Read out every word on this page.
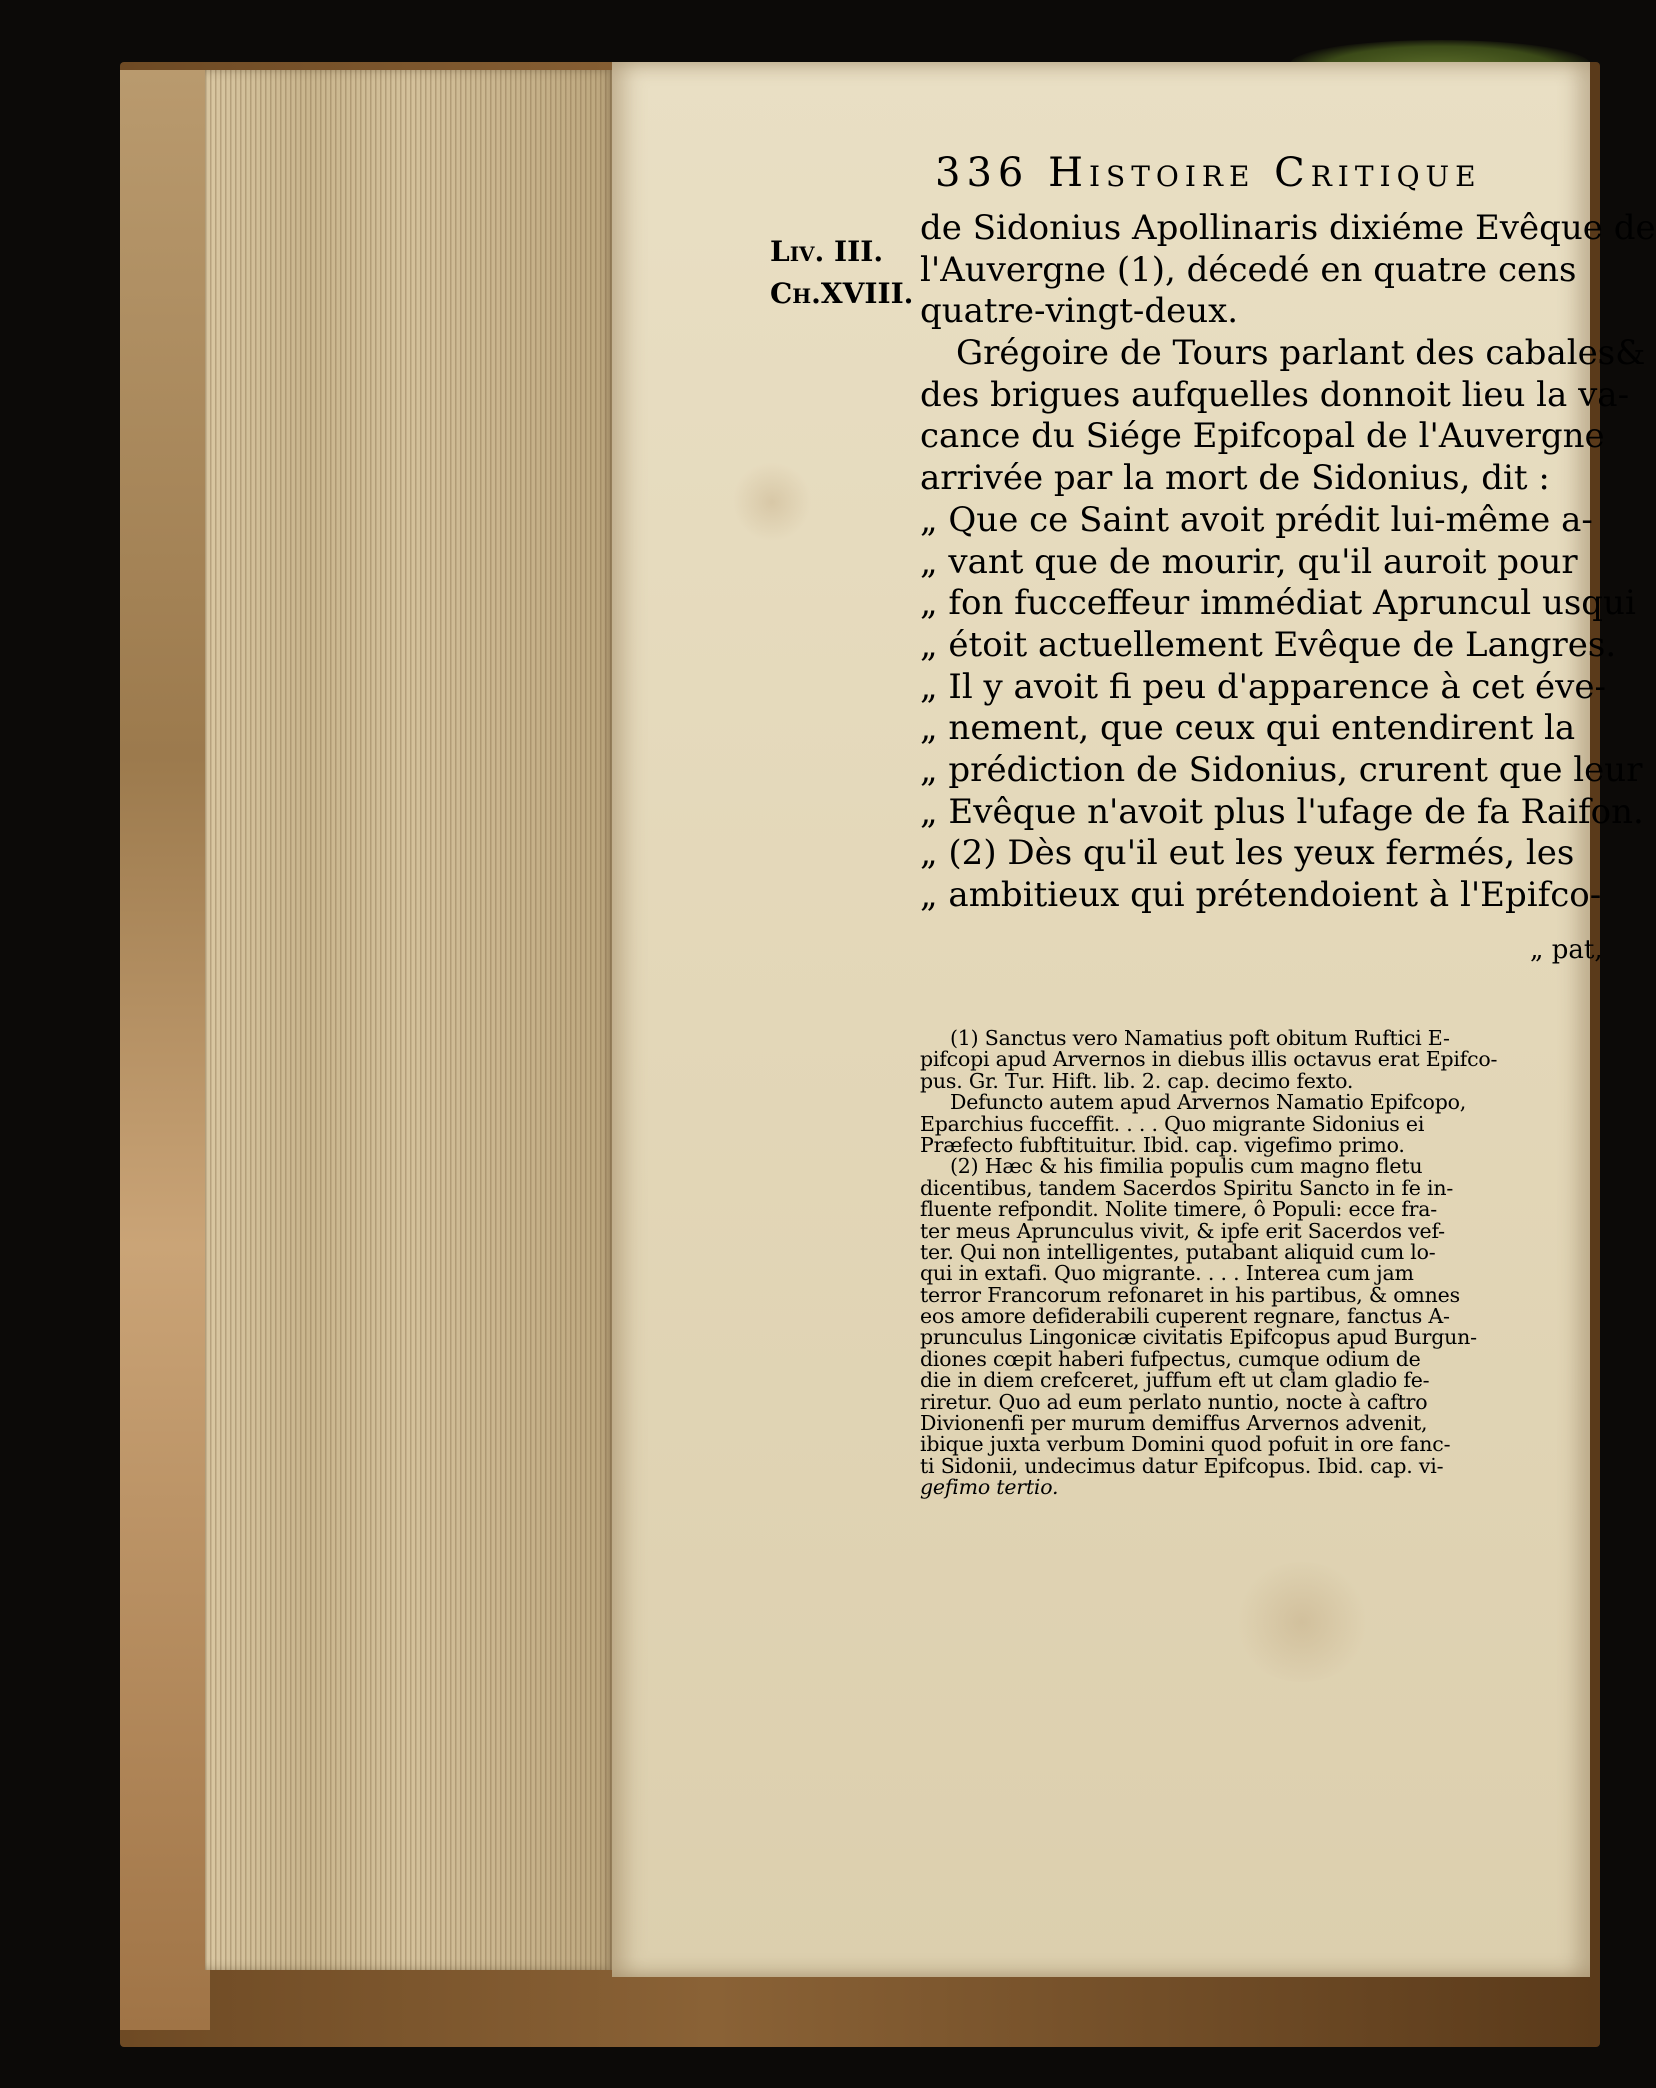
336 Histoire Critique
Liv. III.
Ch.XVIII.
de Sidonius Apollinaris dixiéme Evêque de
l'Auvergne (1), décedé en quatre cens
quatre-vingt-deux.
Grégoire de Tours parlant des cabales&
des brigues aufquelles donnoit lieu la va-
cance du Siége Epifcopal de l'Auvergne
arrivée par la mort de Sidonius, dit :
„ Que ce Saint avoit prédit lui-même a-
„ vant que de mourir, qu'il auroit pour
„ fon fucceffeur immédiat Apruncul usqui
„ étoit actuellement Evêque de Langres.
„ Il y avoit fi peu d'apparence à cet éve-
„ nement, que ceux qui entendirent la
„ prédiction de Sidonius, crurent que leur
„ Evêque n'avoit plus l'ufage de fa Raifon.
„ (2) Dès qu'il eut les yeux fermés, les
„ ambitieux qui prétendoient à l'Epifco-
„ pat,
(1) Sanctus vero Namatius poft obitum Ruftici E-
pifcopi apud Arvernos in diebus illis octavus erat Epifco-
pus. Gr. Tur. Hift. lib. 2. cap. decimo fexto.
Defuncto autem apud Arvernos Namatio Epifcopo,
Eparchius fucceffit. . . . Quo migrante Sidonius ei
Præfecto fubftituitur. Ibid. cap. vigefimo primo.
(2) Hæc & his fimilia populis cum magno fletu
dicentibus, tandem Sacerdos Spiritu Sancto in fe in-
fluente refpondit. Nolite timere, ô Populi: ecce fra-
ter meus Aprunculus vivit, & ipfe erit Sacerdos vef-
ter. Qui non intelligentes, putabant aliquid cum lo-
qui in extafi. Quo migrante. . . . Interea cum jam
terror Francorum refonaret in his partibus, & omnes
eos amore defiderabili cuperent regnare, fanctus A-
prunculus Lingonicæ civitatis Epifcopus apud Burgun-
diones cœpit haberi fufpectus, cumque odium de
die in diem crefceret, juffum eft ut clam gladio fe-
riretur. Quo ad eum perlato nuntio, nocte à caftro
Divionenfi per murum demiffus Arvernos advenit,
ibique juxta verbum Domini quod pofuit in ore fanc-
ti Sidonii, undecimus datur Epifcopus. Ibid. cap. vi-
gefimo tertio.
